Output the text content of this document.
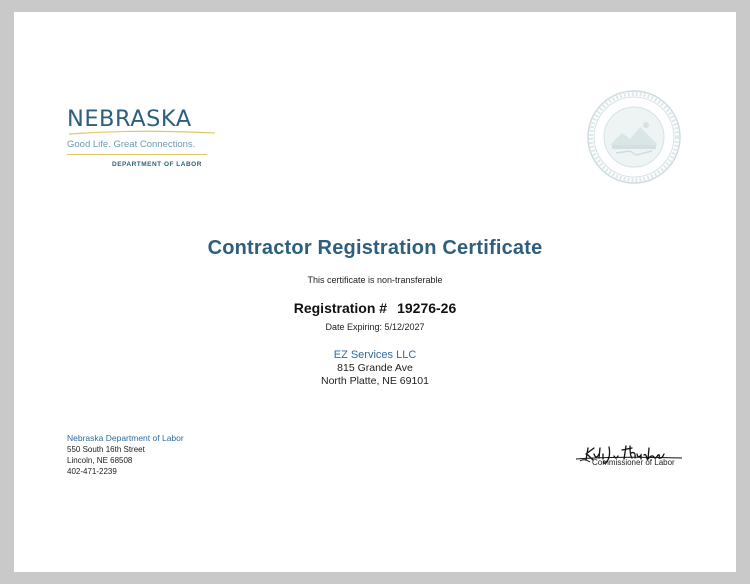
NEBRASKA
Good Life. Great Connections.
DEPARTMENT OF LABOR
Contractor Registration Certificate
This certificate is non-transferable
Registration # 19276-26
Date Expiring: 5/12/2027
EZ Services LLC
815 Grande Ave
North Platte, NE 69101
Nebraska Department of Labor
550 South 16th Street
Lincoln, NE 68508
402-471-2239
Commissioner of Labor
